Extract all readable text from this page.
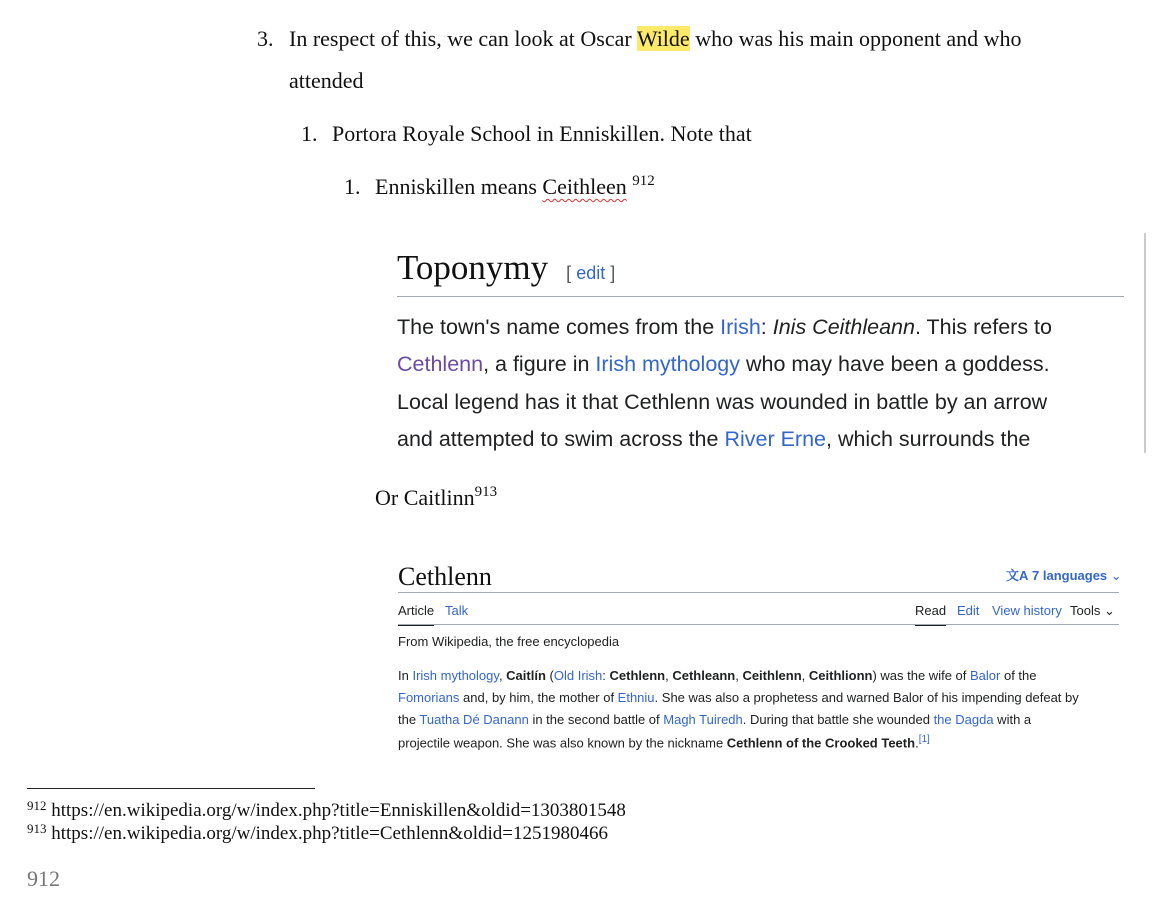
3. In respect of this, we can look at Oscar Wilde who was his main opponent and who
attended
1. Portora Royale School in Enniskillen. Note that
1. Enniskillen means Ceithleen $^{912}$
Toponymy [ edit ]
The town's name comes from the Irish: Inis Ceithleann. This refers to
Cethlenn, a figure in Irish mythology who may have been a goddess.
Local legend has it that Cethlenn was wounded in battle by an arrow
and attempted to swim across the River Erne, which surrounds the
Or Caitlinn$^{913}$
Cethlenn	文A 7 languages ⌄
Article Talk	Read Edit View history Tools ⌄
From Wikipedia, the free encyclopedia
In Irish mythology, Caitlín (Old Irish: Cethlenn, Cethleann, Ceithlenn, Ceithlionn) was the wife of Balor of the
Fomorians and, by him, the mother of Ethniu. She was also a prophetess and warned Balor of his impending defeat by
the Tuatha Dé Danann in the second battle of Magh Tuiredh. During that battle she wounded the Dagda with a
projectile weapon. She was also known by the nickname Cethlenn of the Crooked Teeth.[1]
$^{912}$ https://en.wikipedia.org/w/index.php?title=Enniskillen&oldid=1303801548
$^{913}$ https://en.wikipedia.org/w/index.php?title=Cethlenn&oldid=1251980466
912
